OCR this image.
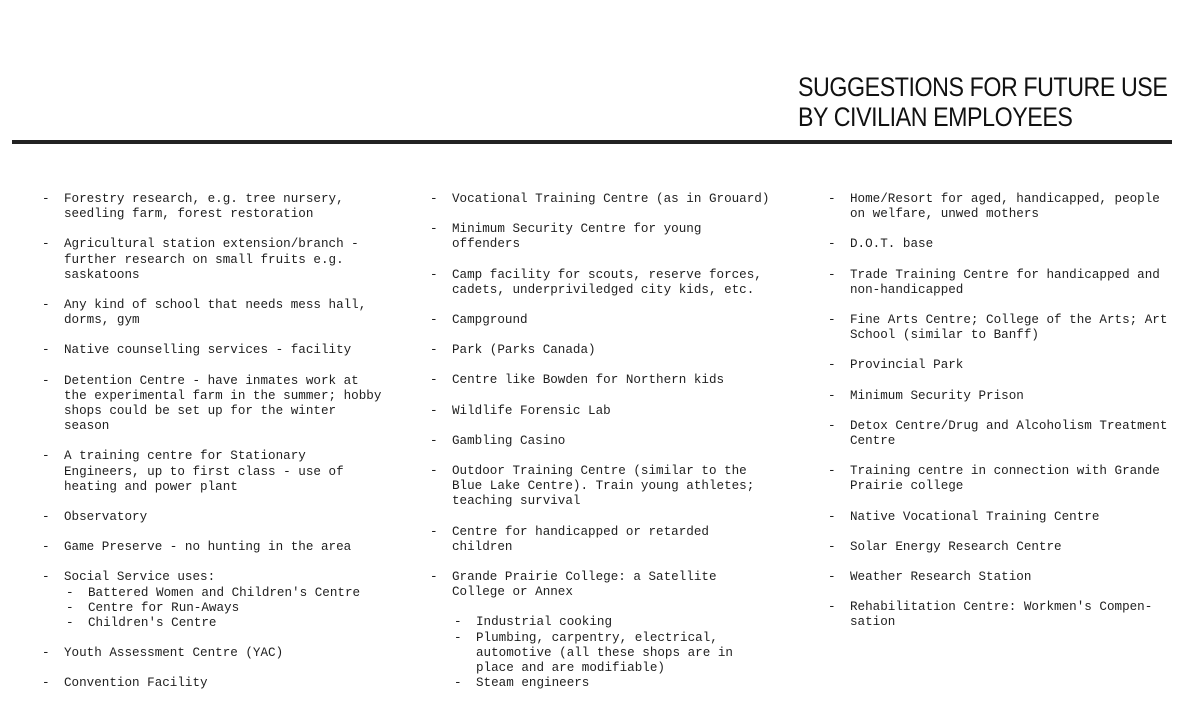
SUGGESTIONS FOR FUTURE USE
BY CIVILIAN EMPLOYEES
- Forestry research, e.g. tree nursery,
seedling farm, forest restoration
- Agricultural station extension/branch -
further research on small fruits e.g.
saskatoons
- Any kind of school that needs mess hall,
dorms, gym
- Native counselling services - facility
- Detention Centre - have inmates work at
the experimental farm in the summer; hobby
shops could be set up for the winter
season
- A training centre for Stationary
Engineers, up to first class - use of
heating and power plant
- Observatory
- Game Preserve - no hunting in the area
- Social Service uses:
- Battered Women and Children's Centre
- Centre for Run-Aways
- Children's Centre
- Youth Assessment Centre (YAC)
- Convention Facility
- Vocational Training Centre (as in Grouard)
- Minimum Security Centre for young
offenders
- Camp facility for scouts, reserve forces,
cadets, underpriviledged city kids, etc.
- Campground
- Park (Parks Canada)
- Centre like Bowden for Northern kids
- Wildlife Forensic Lab
- Gambling Casino
- Outdoor Training Centre (similar to the
Blue Lake Centre). Train young athletes;
teaching survival
- Centre for handicapped or retarded
children
- Grande Prairie College: a Satellite
College or Annex
- Industrial cooking
- Plumbing, carpentry, electrical,
automotive (all these shops are in
place and are modifiable)
- Steam engineers
- Home/Resort for aged, handicapped, people
on welfare, unwed mothers
- D.O.T. base
- Trade Training Centre for handicapped and
non-handicapped
- Fine Arts Centre; College of the Arts; Art
School (similar to Banff)
- Provincial Park
- Minimum Security Prison
- Detox Centre/Drug and Alcoholism Treatment
Centre
- Training centre in connection with Grande
Prairie college
- Native Vocational Training Centre
- Solar Energy Research Centre
- Weather Research Station
- Rehabilitation Centre: Workmen's Compen-
sation
